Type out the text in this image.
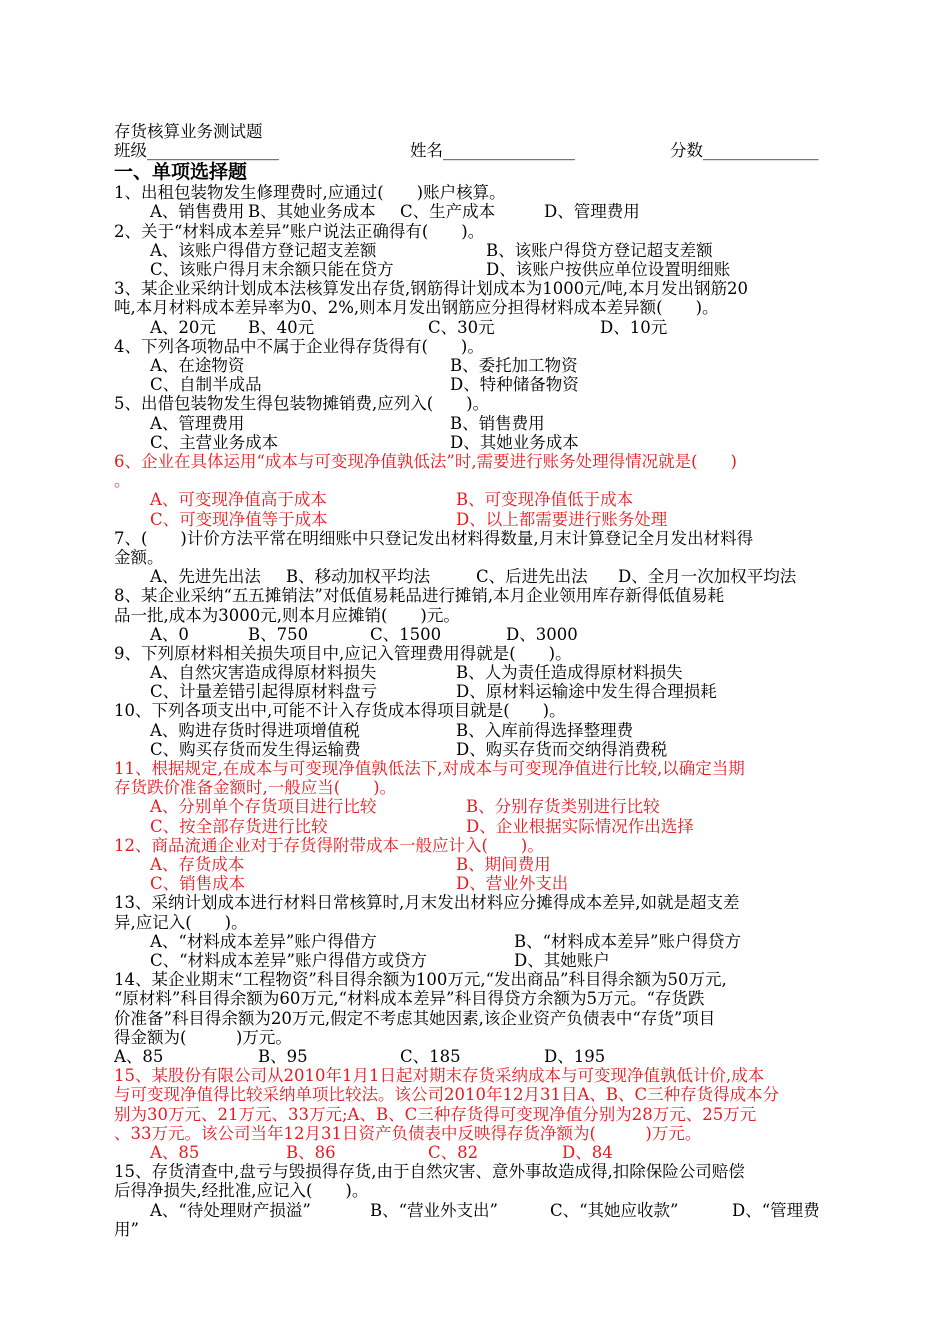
存货核算业务测试题
班级________________	姓名________________	分数______________
一、单项选择题
1、出租包装物发生修理费时,应通过(　　)账户核算。
A、销售费用 B、其她业务成本 C、生产成本	D、管理费用
2、关于“材料成本差异”账户说法正确得有(　　)。
A、该账户得借方登记超支差额	B、该账户得贷方登记超支差额
C、该账户得月末余额只能在贷方	D、该账户按供应单位设置明细账
3、某企业采纳计划成本法核算发出存货,钢筋得计划成本为1000元/吨,本月发出钢筋20
吨,本月材料成本差异率为0、2%,则本月发出钢筋应分担得材料成本差异额(　　)。
A、20元 B、40元	C、30元	D、10元
4、下列各项物品中不属于企业得存货得有(　　)。
A、在途物资	B、委托加工物资
C、自制半成品	D、特种储备物资
5、出借包装物发生得包装物摊销费,应列入(　　)。
A、管理费用	B、销售费用
C、主营业务成本	D、其她业务成本
6、企业在具体运用“成本与可变现净值孰低法”时,需要进行账务处理得情况就是(　　)
。
A、可变现净值高于成本	B、可变现净值低于成本
C、可变现净值等于成本	D、以上都需要进行账务处理
7、(　　)计价方法平常在明细账中只登记发出材料得数量,月末计算登记全月发出材料得
金额。
A、先进先出法 B、移动加权平均法	C、后进先出法 D、全月一次加权平均法
8、某企业采纳“五五摊销法”对低值易耗品进行摊销,本月企业领用库存新得低值易耗
品一批,成本为3000元,则本月应摊销(　　)元。
A、0	B、750	C、1500	D、3000
9、下列原材料相关损失项目中,应记入管理费用得就是(　　)。
A、自然灾害造成得原材料损失	B、人为责任造成得原材料损失
C、计量差错引起得原材料盘亏	D、原材料运输途中发生得合理损耗
10、下列各项支出中,可能不计入存货成本得项目就是(　　)。
A、购进存货时得进项增值税	B、入库前得选择整理费
C、购买存货而发生得运输费	D、购买存货而交纳得消费税
11、根据规定,在成本与可变现净值孰低法下,对成本与可变现净值进行比较,以确定当期
存货跌价准备金额时,一般应当(　　)。
A、分别单个存货项目进行比较	B、分别存货类别进行比较
C、按全部存货进行比较	D、企业根据实际情况作出选择
12、商品流通企业对于存货得附带成本一般应计入(　　)。
A、存货成本	B、期间费用
C、销售成本	D、营业外支出
13、采纳计划成本进行材料日常核算时,月末发出材料应分摊得成本差异,如就是超支差
异,应记入(　　)。
A、“材料成本差异”账户得借方	B、“材料成本差异”账户得贷方
C、“材料成本差异”账户得借方或贷方	D、其她账户
14、某企业期末“工程物资”科目得余额为100万元,“发出商品”科目得余额为50万元,
“原材料”科目得余额为60万元,“材料成本差异”科目得贷方余额为5万元。“存货跌
价准备”科目得余额为20万元,假定不考虑其她因素,该企业资产负债表中“存货”项目
得金额为(　　　)万元。
A、85	B、95	C、185	D、195
15、某股份有限公司从2010年1月1日起对期末存货采纳成本与可变现净值孰低计价,成本
与可变现净值得比较采纳单项比较法。该公司2010年12月31日A、B、C三种存货得成本分
别为30万元、21万元、33万元;A、B、C三种存货得可变现净值分别为28万元、25万元
、33万元。该公司当年12月31日资产负债表中反映得存货净额为(　　　)万元。
A、85	B、86	C、82	D、84
15、存货清查中,盘亏与毁损得存货,由于自然灾害、意外事故造成得,扣除保险公司赔偿
后得净损失,经批准,应记入(　　)。
A、“待处理财产损溢”	B、“营业外支出”	C、“其她应收款”	D、“管理费
用”
